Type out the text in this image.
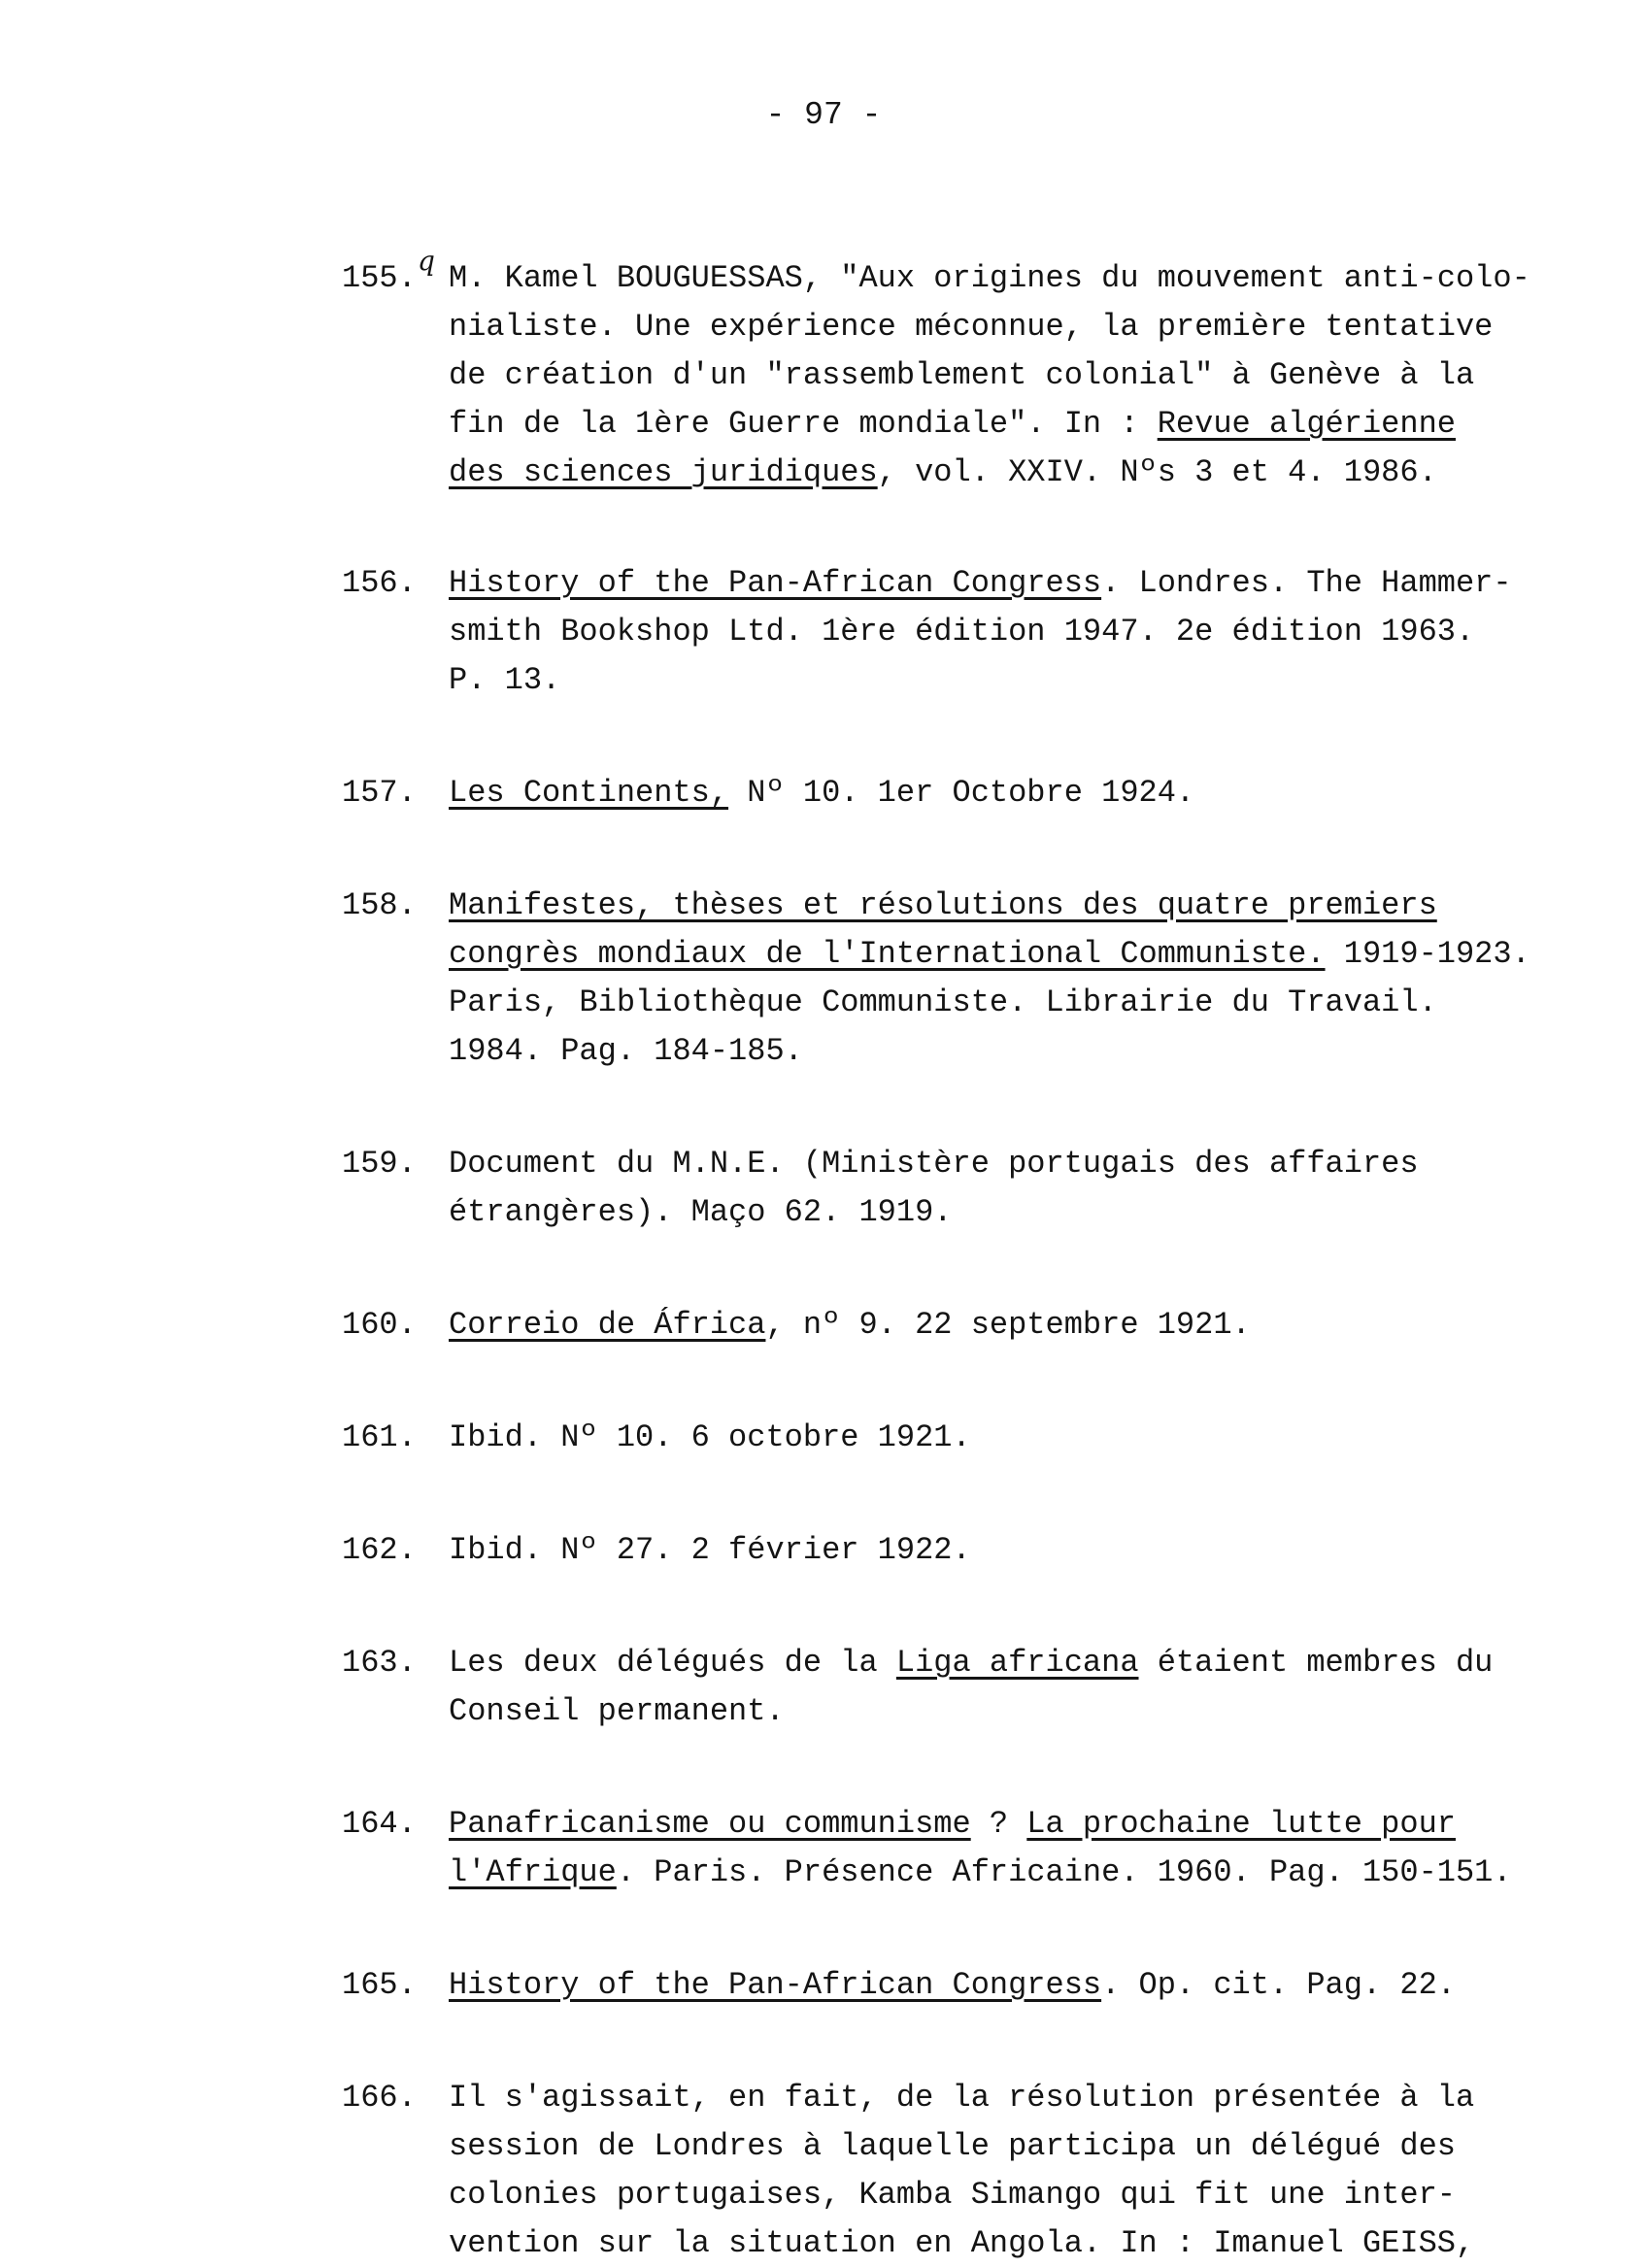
- 97 -
155. q M. Kamel BOUGUESSAS, "Aux origines du mouvement anti-colo-
nialiste. Une expérience méconnue, la première tentative
de création d'un "rassemblement colonial" à Genève à la
fin de la 1ère Guerre mondiale". In : Revue algérienne
des sciences juridiques, vol. XXIV. Nºs 3 et 4. 1986.
156. History of the Pan-African Congress. Londres. The Hammer-
smith Bookshop Ltd. 1ère édition 1947. 2e édition 1963.
P. 13.
157. Les Continents, Nº 10. 1er Octobre 1924.
158. Manifestes, thèses et résolutions des quatre premiers
congrès mondiaux de l'International Communiste. 1919-1923.
Paris, Bibliothèque Communiste. Librairie du Travail.
1984. Pag. 184-185.
159. Document du M.N.E. (Ministère portugais des affaires
étrangères). Maço 62. 1919.
160. Correio de África, nº 9. 22 septembre 1921.
161. Ibid. Nº 10. 6 octobre 1921.
162. Ibid. Nº 27. 2 février 1922.
163. Les deux délégués de la Liga africana étaient membres du
Conseil permanent.
164. Panafricanisme ou communisme ? La prochaine lutte pour
l'Afrique. Paris. Présence Africaine. 1960. Pag. 150-151.
165. History of the Pan-African Congress. Op. cit. Pag. 22.
166. Il s'agissait, en fait, de la résolution présentée à la
session de Londres à laquelle participa un délégué des
colonies portugaises, Kamba Simango qui fit une inter-
vention sur la situation en Angola. In : Imanuel GEISS,
